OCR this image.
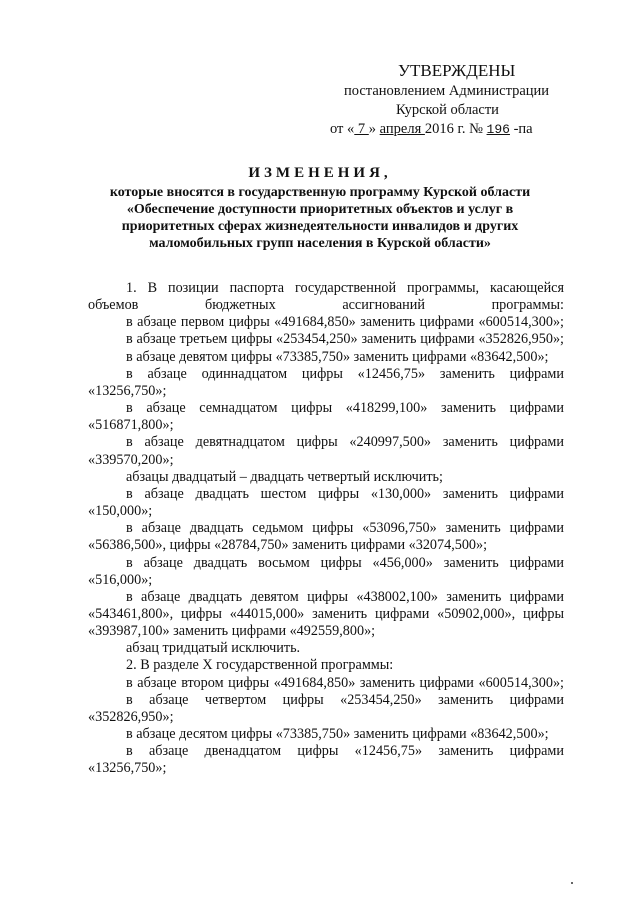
УТВЕРЖДЕНЫ
постановлением Администрации
Курской области
от « 7 » апреля 2016 г. № 196 -па
ИЗМЕНЕНИЯ,
которые вносятся в государственную программу Курской области
«Обеспечение доступности приоритетных объектов и услуг в
приоритетных сферах жизнедеятельности инвалидов и других
маломобильных групп населения в Курской области»

1. В позиции паспорта государственной программы, касающейся объемов бюджетных ассигнований программы:

в абзаце первом цифры «491684,850» заменить цифрами «600514,300»;

в абзаце третьем цифры «253454,250» заменить цифрами «352826,950»;

в абзаце девятом цифры «73385,750» заменить цифрами «83642,500»;

в абзаце одиннадцатом цифры «12456,75» заменить цифрами «13256,750»;

в абзаце семнадцатом цифры «418299,100» заменить цифрами «516871,800»;

в абзаце девятнадцатом цифры «240997,500» заменить цифрами «339570,200»;

абзацы двадцатый – двадцать четвертый исключить;

в абзаце двадцать шестом цифры «130,000» заменить цифрами «150,000»;

в абзаце двадцать седьмом цифры «53096,750» заменить цифрами «56386,500», цифры «28784,750» заменить цифрами «32074,500»;

в абзаце двадцать восьмом цифры «456,000» заменить цифрами «516,000»;

в абзаце двадцать девятом цифры «438002,100» заменить цифрами «543461,800», цифры «44015,000» заменить цифрами «50902,000», цифры «393987,100» заменить цифрами «492559,800»;

абзац тридцатый исключить.

2. В разделе X государственной программы:

в абзаце втором цифры «491684,850» заменить цифрами «600514,300»;

в абзаце четвертом цифры «253454,250» заменить цифрами «352826,950»;

в абзаце десятом цифры «73385,750» заменить цифрами «83642,500»;

в абзаце двенадцатом цифры «12456,75» заменить цифрами «13256,750»;
